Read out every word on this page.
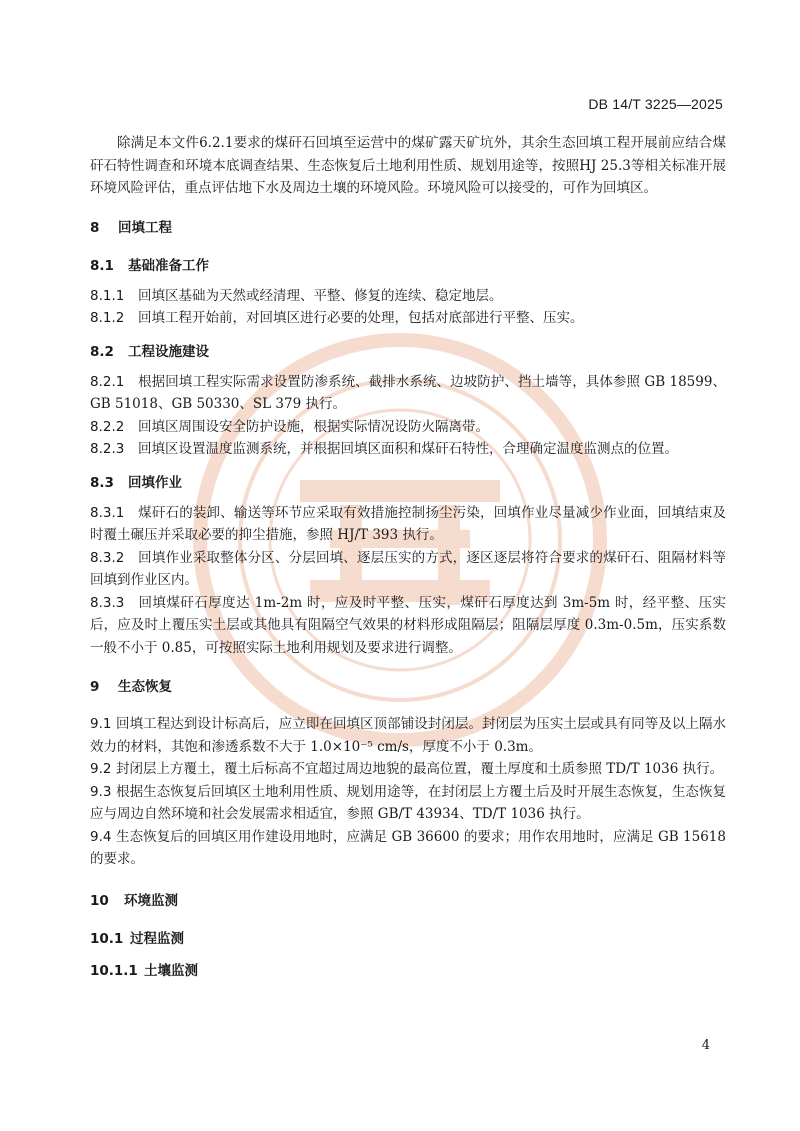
DB 14/T 3225—2025

除满足本文件6.2.1要求的煤矸石回填至运营中的煤矿露天矿坑外，其余生态回填工程开展前应结合煤矸石特性调查和环境本底调查结果、生态恢复后土地利用性质、规划用途等，按照HJ 25.3等相关标准开展环境风险评估，重点评估地下水及周边土壤的环境风险。环境风险可以接受的，可作为回填区。

8 回填工程
8.1 基础准备工作

8.1.1 回填区基础为天然或经清理、平整、修复的连续、稳定地层。

8.1.2 回填工程开始前，对回填区进行必要的处理，包括对底部进行平整、压实。

8.2 工程设施建设

8.2.1 根据回填工程实际需求设置防渗系统、截排水系统、边坡防护、挡土墙等，具体参照 GB 18599、GB 51018、GB 50330、SL 379 执行。

8.2.2 回填区周围设安全防护设施，根据实际情况设防火隔离带。

8.2.3 回填区设置温度监测系统，并根据回填区面积和煤矸石特性，合理确定温度监测点的位置。

8.3 回填作业

8.3.1 煤矸石的装卸、输送等环节应采取有效措施控制扬尘污染，回填作业尽量减少作业面，回填结束及时覆土碾压并采取必要的抑尘措施，参照 HJ/T 393 执行。

8.3.2 回填作业采取整体分区、分层回填、逐层压实的方式，逐区逐层将符合要求的煤矸石、阻隔材料等回填到作业区内。

8.3.3 回填煤矸石厚度达 1m-2m 时，应及时平整、压实，煤矸石厚度达到 3m-5m 时，经平整、压实后，应及时上覆压实土层或其他具有阻隔空气效果的材料形成阻隔层；阻隔层厚度 0.3m-0.5m，压实系数一般不小于 0.85，可按照实际土地利用规划及要求进行调整。

9 生态恢复

9.1 回填工程达到设计标高后，应立即在回填区顶部铺设封闭层。封闭层为压实土层或具有同等及以上隔水效力的材料，其饱和渗透系数不大于 1.0×10⁻⁵ cm/s，厚度不小于 0.3m。

9.2 封闭层上方覆土，覆土后标高不宜超过周边地貌的最高位置，覆土厚度和土质参照 TD/T 1036 执行。

9.3 根据生态恢复后回填区土地利用性质、规划用途等，在封闭层上方覆土后及时开展生态恢复，生态恢复应与周边自然环境和社会发展需求相适宜，参照 GB/T 43934、TD/T 1036 执行。

9.4 生态恢复后的回填区用作建设用地时，应满足 GB 36600 的要求；用作农用地时，应满足 GB 15618 的要求。

10 环境监测
10.1 过程监测
10.1.1 土壤监测
4
